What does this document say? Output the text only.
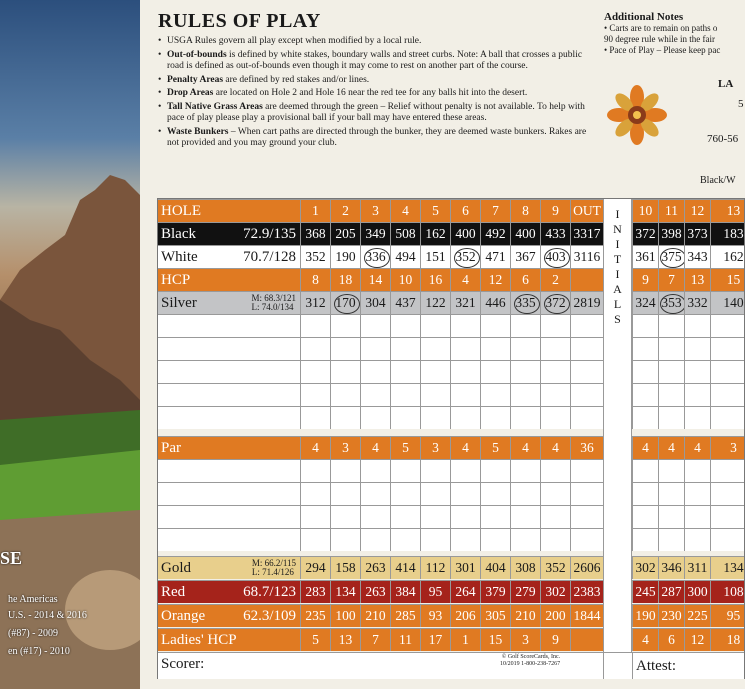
SE
he Americas
U.S. - 2014 & 2016
(#87) - 2009
en (#17) - 2010
RULES OF PLAY
• USGA Rules govern all play except when modified by a local rule.
• Out-of-bounds is defined by white stakes, boundary walls and street curbs. Note: A ball that crosses a public road is defined as out-of-bounds even though it may come to rest on another part of the course.
• Penalty Areas are defined by red stakes and/or lines.
• Drop Areas are located on Hole 2 and Hole 16 near the red tee for any balls hit into the desert.
• Tall Native Grass Areas are deemed through the green – Relief without penalty is not available. To help with pace of play please play a provisional ball if your ball may have entered these areas.
• Waste Bunkers – When cart paths are directed through the bunker, they are deemed waste bunkers. Rakes are not provided and you may ground your club.
Additional Notes
• Carts are to remain on paths o
90 degree rule while in the fair
• Pace of Play – Please keep pac
LA
5
760-56
Black/W
HOLE	1	2	3	4	5	6	7	8	9	OUT	10 11 12	13
Black	72.9/135 368 205 349 508 162 400 492 400 433 3317	372 398 373	183
White	70.7/128 352 190 336 494 151 352 471 367 403 3116	361 375 343	162
HCP	8	18	14	10	16	4	12	6	2	9	7	13	15
Silver	M: 68.3/121
L: 74.0/134 312 170 304 437 122 321 446 335 372 2819	324 353 332	140
Par	4	3	4	5	3	4	5	4	4	36	4	4	4	3
Gold	M: 66.2/115
L: 71.4/126 294 158 263 414 112 301 404 308 352 2606	302 346 311	134
Red	68.7/123 283 134 263 384 95 264 379 279 302 2383	245 287 300	108
Orange	62.3/109 235 100 210 285 93 206 305 210 200 1844	190 230 225	95
Ladies' HCP	5	13	7	11	17	1	15	3	9	4	6	12	18
Scorer:	Attest:
I
N
I
T
I
A
L
S
© Golf ScoreCards, Inc.
10/2019 1-800-238-7267
